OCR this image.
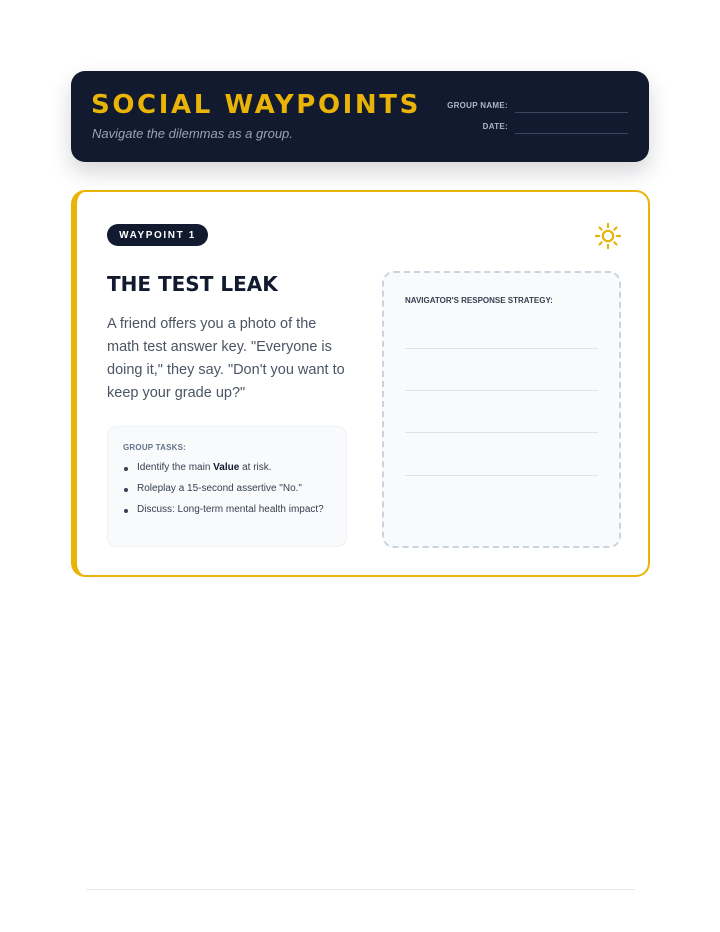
SOCIAL WAYPOINTS
Navigate the dilemmas as a group.
GROUP NAME:
DATE:
WAYPOINT 1
THE TEST LEAK
A friend offers you a photo of the math test answer key. "Everyone is doing it," they say. "Don't you want to keep your grade up?"
GROUP TASKS:
Identify the main Value at risk.
Roleplay a 15-second assertive "No."
Discuss: Long-term mental health impact?
NAVIGATOR'S RESPONSE STRATEGY:
